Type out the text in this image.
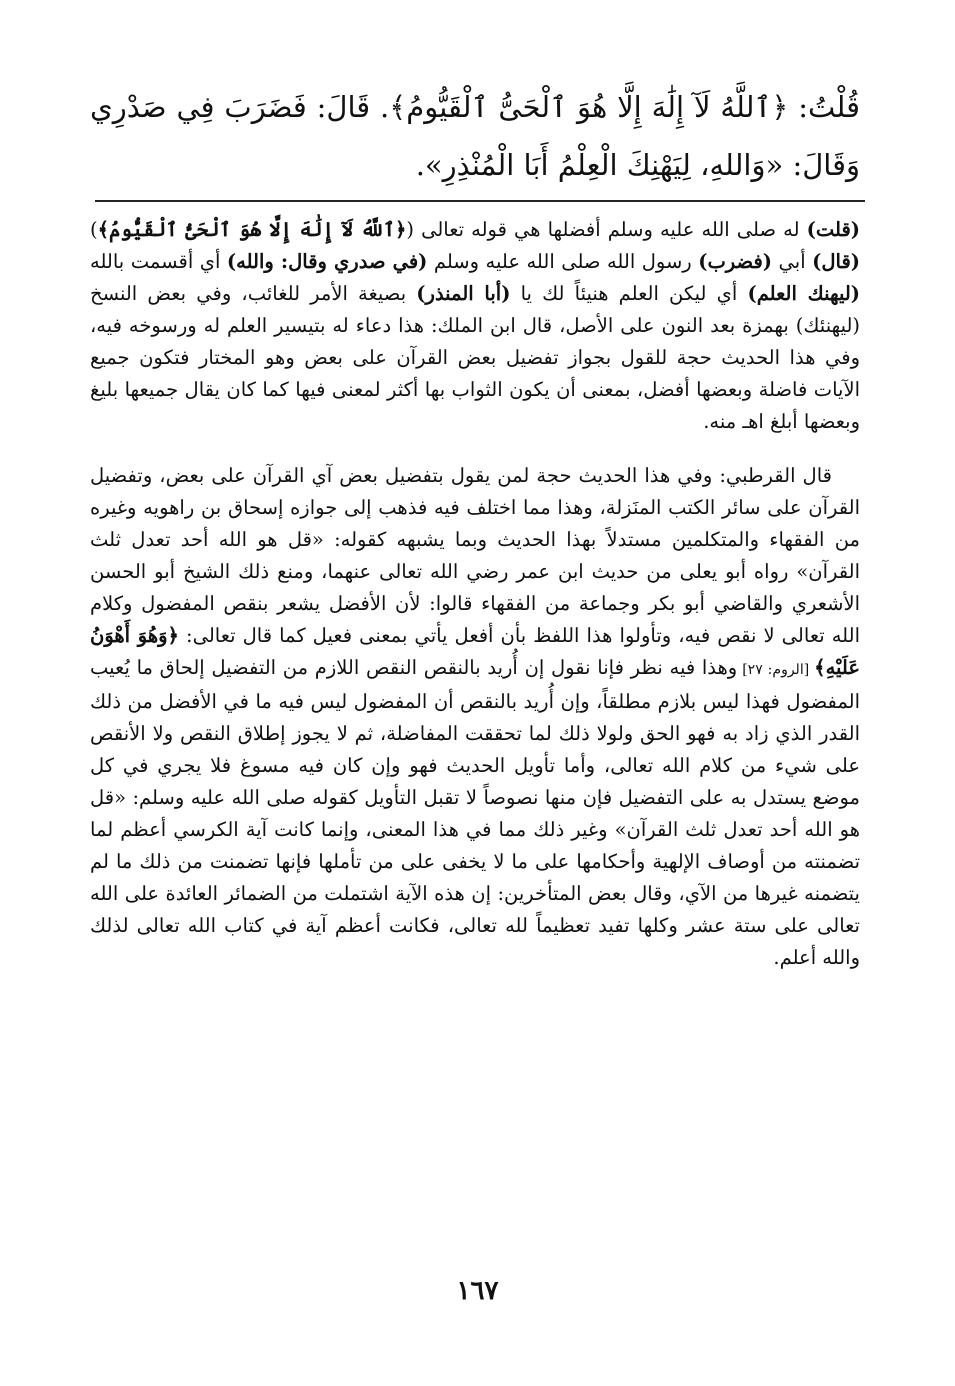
قُلْتُ: ﴿ٱللَّهُ لَآ إِلَٰهَ إِلَّا هُوَ ٱلْحَىُّ ٱلْقَيُّومُ﴾. قَالَ: فَضَرَبَ فِي صَدْرِي وَقَالَ: «وَاللهِ، لِيَهْنِكَ الْعِلْمُ أَبَا الْمُنْذِرِ».

(قلت) له صلى الله عليه وسلم أفضلها هي قوله تعالى (﴿ٱللَّهُ لَآ إِلَٰهَ إِلَّا هُوَ ٱلْحَىُّ ٱلْقَيُّومُ﴾) (قال) أبي (فضرب) رسول الله صلى الله عليه وسلم (في صدري وقال: والله) أي أقسمت بالله (ليهنك العلم) أي ليكن العلم هنيئاً لك يا (أبا المنذر) بصيغة الأمر للغائب، وفي بعض النسخ (ليهنئك) بهمزة بعد النون على الأصل، قال ابن الملك: هذا دعاء له بتيسير العلم له ورسوخه فيه، وفي هذا الحديث حجة للقول بجواز تفضيل بعض القرآن على بعض وهو المختار فتكون جميع الآيات فاضلة وبعضها أفضل، بمعنى أن يكون الثواب بها أكثر لمعنى فيها كما كان يقال جميعها بليغ وبعضها أبلغ اهـ منه.

قال القرطبي: وفي هذا الحديث حجة لمن يقول بتفضيل بعض آي القرآن على بعض، وتفضيل القرآن على سائر الكتب المنَزلة، وهذا مما اختلف فيه فذهب إلى جوازه إسحاق بن راهويه وغيره من الفقهاء والمتكلمين مستدلاً بهذا الحديث وبما يشبهه كقوله: «قل هو الله أحد تعدل ثلث القرآن» رواه أبو يعلى من حديث ابن عمر رضي الله تعالى عنهما، ومنع ذلك الشيخ أبو الحسن الأشعري والقاضي أبو بكر وجماعة من الفقهاء قالوا: لأن الأفضل يشعر بنقص المفضول وكلام الله تعالى لا نقص فيه، وتأولوا هذا اللفظ بأن أفعل يأتي بمعنى فعيل كما قال تعالى: ﴿وَهُوَ أَهْوَنُ عَلَيْهِ﴾ [الروم: ٢٧] وهذا فيه نظر فإنا نقول إن أُريد بالنقص النقص اللازم من التفضيل إلحاق ما يُعيب المفضول فهذا ليس بلازم مطلقاً، وإن أُريد بالنقص أن المفضول ليس فيه ما في الأفضل من ذلك القدر الذي زاد به فهو الحق ولولا ذلك لما تحققت المفاضلة، ثم لا يجوز إطلاق النقص ولا الأنقص على شيء من كلام الله تعالى، وأما تأويل الحديث فهو وإن كان فيه مسوغ فلا يجري في كل موضع يستدل به على التفضيل فإن منها نصوصاً لا تقبل التأويل كقوله صلى الله عليه وسلم: «قل هو الله أحد تعدل ثلث القرآن» وغير ذلك مما في هذا المعنى، وإنما كانت آية الكرسي أعظم لما تضمنته من أوصاف الإلهية وأحكامها على ما لا يخفى على من تأملها فإنها تضمنت من ذلك ما لم يتضمنه غيرها من الآي، وقال بعض المتأخرين: إن هذه الآية اشتملت من الضمائر العائدة على الله تعالى على ستة عشر وكلها تفيد تعظيماً لله تعالى، فكانت أعظم آية في كتاب الله تعالى لذلك والله أعلم.

١٦٧
